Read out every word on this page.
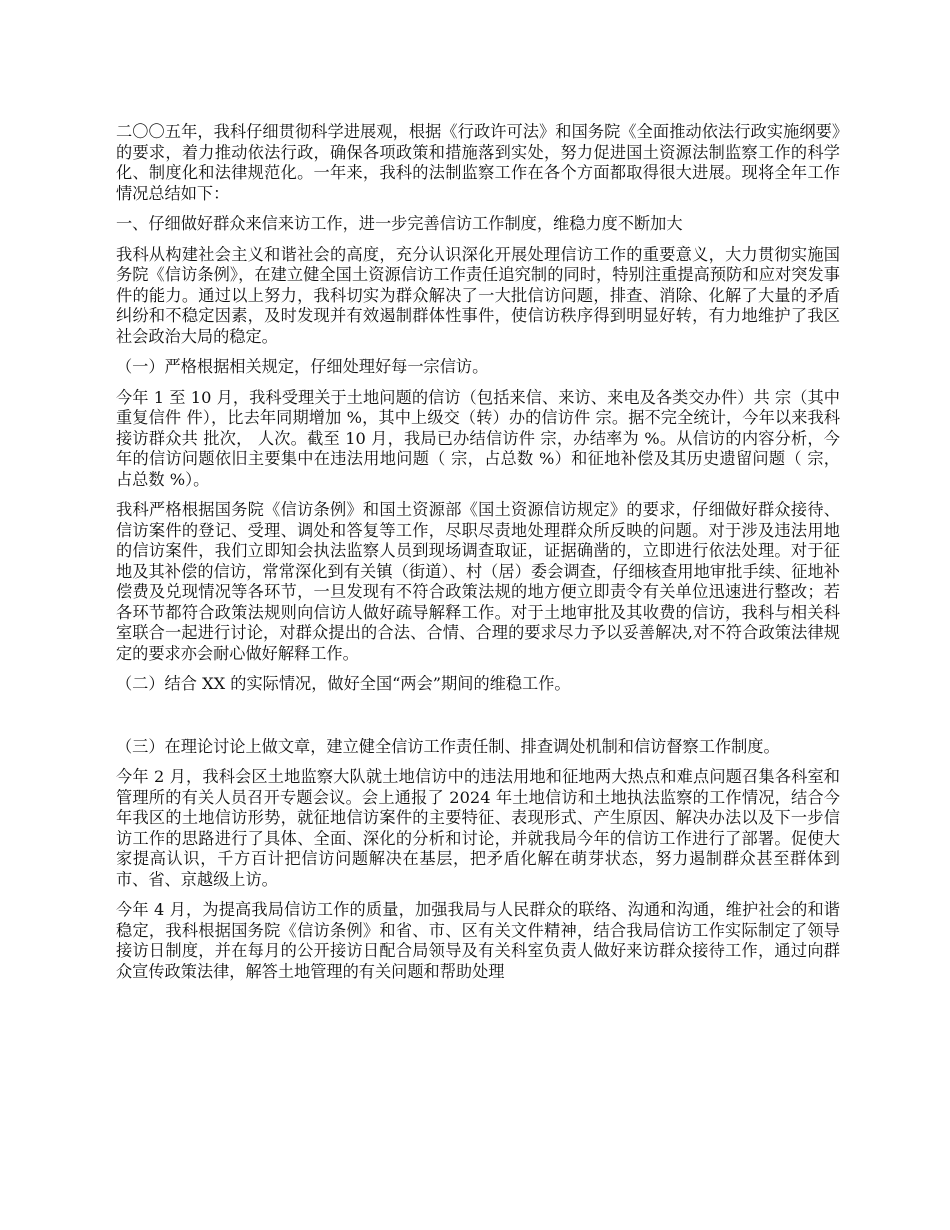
二〇〇五年，我科仔细贯彻科学进展观，根据《行政许可法》和国务院《全面推动依法行政实施纲要》的要求，着力推动依法行政，确保各项政策和措施落到实处，努力促进国土资源法制监察工作的科学化、制度化和法律规范化。一年来，我科的法制监察工作在各个方面都取得很大进展。现将全年工作情况总结如下：

一、仔细做好群众来信来访工作，进一步完善信访工作制度，维稳力度不断加大

我科从构建社会主义和谐社会的高度，充分认识深化开展处理信访工作的重要意义，大力贯彻实施国务院《信访条例》，在建立健全国土资源信访工作责任追究制的同时，特别注重提高预防和应对突发事件的能力。通过以上努力，我科切实为群众解决了一大批信访问题，排查、消除、化解了大量的矛盾纠纷和不稳定因素，及时发现并有效遏制群体性事件，使信访秩序得到明显好转，有力地维护了我区社会政治大局的稳定。

（一）严格根据相关规定，仔细处理好每一宗信访。

今年 1 至 10 月，我科受理关于土地问题的信访（包括来信、来访、来电及各类交办件）共 宗（其中重复信件 件），比去年同期增加 %，其中上级交（转）办的信访件 宗。据不完全统计，今年以来我科接访群众共 批次， 人次。截至 10 月，我局已办结信访件 宗，办结率为 %。从信访的内容分析，今年的信访问题依旧主要集中在违法用地问题（ 宗，占总数 %）和征地补偿及其历史遗留问题（ 宗，占总数 %）。

我科严格根据国务院《信访条例》和国土资源部《国土资源信访规定》的要求，仔细做好群众接待、信访案件的登记、受理、调处和答复等工作，尽职尽责地处理群众所反映的问题。对于涉及违法用地的信访案件，我们立即知会执法监察人员到现场调查取证，证据确凿的，立即进行依法处理。对于征地及其补偿的信访，常常深化到有关镇（街道）、村（居）委会调查，仔细核查用地审批手续、征地补偿费及兑现情况等各环节，一旦发现有不符合政策法规的地方便立即责令有关单位迅速进行整改；若各环节都符合政策法规则向信访人做好疏导解释工作。对于土地审批及其收费的信访，我科与相关科室联合一起进行讨论，对群众提出的合法、合情、合理的要求尽力予以妥善解决,对不符合政策法律规定的要求亦会耐心做好解释工作。

（二）结合 XX 的实际情况，做好全国“两会”期间的维稳工作。

（三）在理论讨论上做文章，建立健全信访工作责任制、排查调处机制和信访督察工作制度。

今年 2 月，我科会区土地监察大队就土地信访中的违法用地和征地两大热点和难点问题召集各科室和管理所的有关人员召开专题会议。会上通报了 2024 年土地信访和土地执法监察的工作情况，结合今年我区的土地信访形势，就征地信访案件的主要特征、表现形式、产生原因、解决办法以及下一步信访工作的思路进行了具体、全面、深化的分析和讨论，并就我局今年的信访工作进行了部署。促使大家提高认识，千方百计把信访问题解决在基层，把矛盾化解在萌芽状态，努力遏制群众甚至群体到市、省、京越级上访。

今年 4 月，为提高我局信访工作的质量，加强我局与人民群众的联络、沟通和沟通，维护社会的和谐稳定，我科根据国务院《信访条例》和省、市、区有关文件精神，结合我局信访工作实际制定了领导接访日制度，并在每月的公开接访日配合局领导及有关科室负责人做好来访群众接待工作，通过向群众宣传政策法律，解答土地管理的有关问题和帮助处理
